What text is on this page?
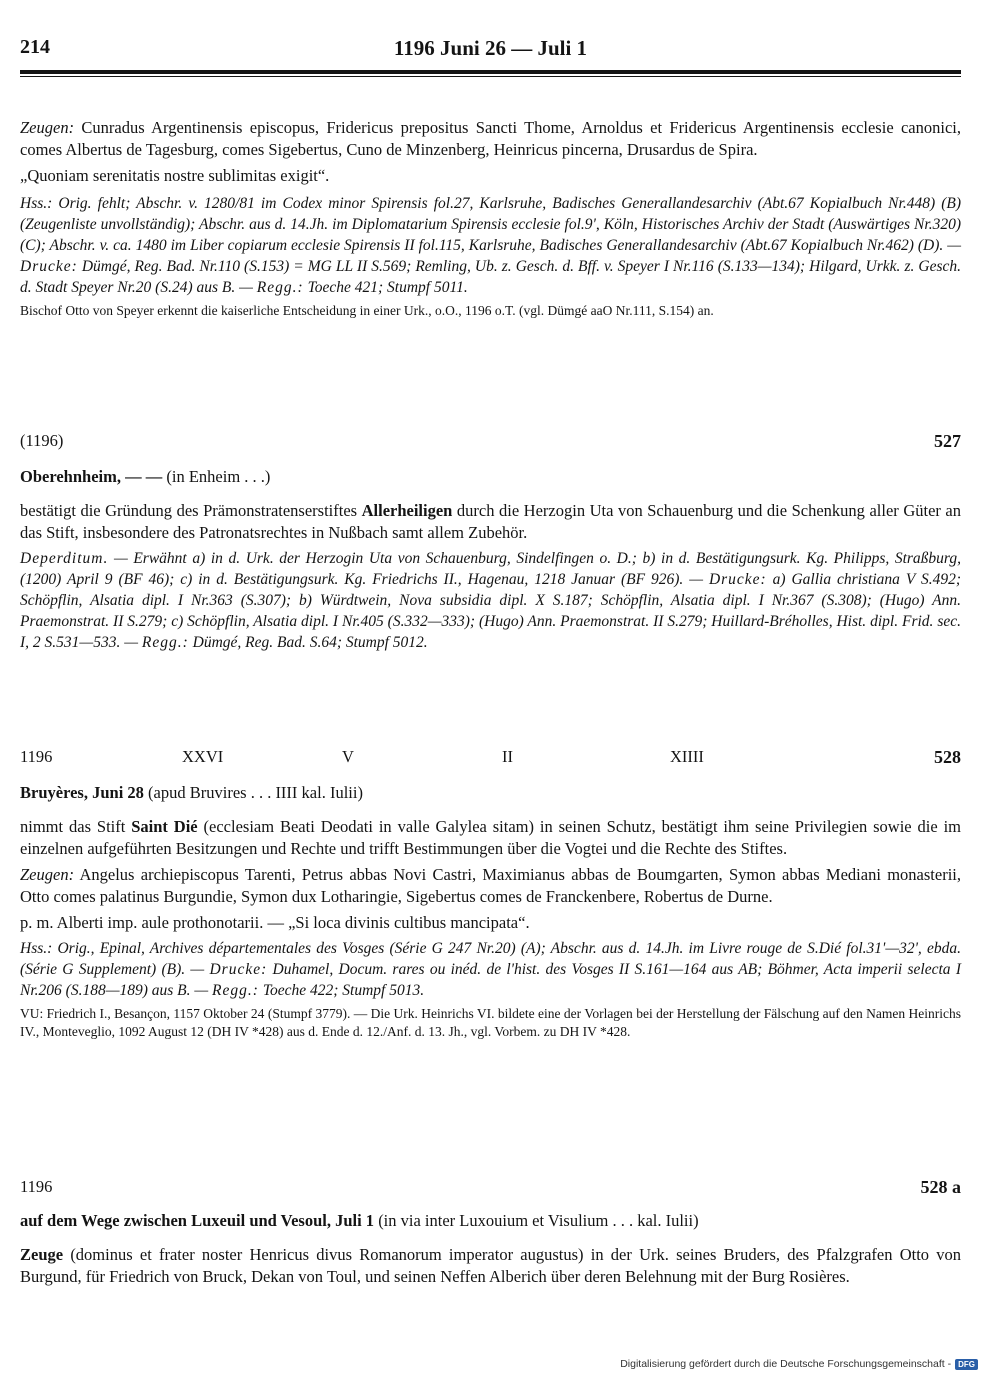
214	1196 Juni 26 — Juli 1

Zeugen: Cunradus Argentinensis episcopus, Fridericus prepositus Sancti Thome, Arnoldus et Fridericus Argentinensis ecclesie canonici, comes Albertus de Tagesburg, comes Sigebertus, Cuno de Minzenberg, Heinricus pincerna, Drusardus de Spira.

„Quoniam serenitatis nostre sublimitas exigit“.

Hss.: Orig. fehlt; Abschr. v. 1280/81 im Codex minor Spirensis fol.27, Karlsruhe, Badisches Generallandesarchiv (Abt.67 Kopialbuch Nr.448) (B) (Zeugenliste unvollständig); Abschr. aus d. 14.Jh. im Diplomatarium Spirensis ecclesie fol.9', Köln, Historisches Archiv der Stadt (Auswärtiges Nr.320) (C); Abschr. v. ca. 1480 im Liber copiarum ecclesie Spirensis II fol.115, Karlsruhe, Badisches Generallandesarchiv (Abt.67 Kopialbuch Nr.462) (D). — Drucke: Dümgé, Reg. Bad. Nr.110 (S.153) = MG LL II S.569; Remling, Ub. z. Gesch. d. Bff. v. Speyer I Nr.116 (S.133—134); Hilgard, Urkk. z. Gesch. d. Stadt Speyer Nr.20 (S.24) aus B. — Regg.: Toeche 421; Stumpf 5011.

Bischof Otto von Speyer erkennt die kaiserliche Entscheidung in einer Urk., o.O., 1196 o.T. (vgl. Dümgé aaO Nr.111, S.154) an.

(1196)	527
Oberehnheim, — — (in Enheim . . .)

bestätigt die Gründung des Prämonstratenserstiftes Allerheiligen durch die Herzogin Uta von Schauenburg und die Schenkung aller Güter an das Stift, insbesondere des Patronatsrechtes in Nußbach samt allem Zubehör.

Deperditum. — Erwähnt a) in d. Urk. der Herzogin Uta von Schauenburg, Sindelfingen o. D.; b) in d. Bestätigungsurk. Kg. Philipps, Straßburg, (1200) April 9 (BF 46); c) in d. Bestätigungsurk. Kg. Friedrichs II., Hagenau, 1218 Januar (BF 926). — Drucke: a) Gallia christiana V S.492; Schöpflin, Alsatia dipl. I Nr.363 (S.307); b) Würdtwein, Nova subsidia dipl. X S.187; Schöpflin, Alsatia dipl. I Nr.367 (S.308); (Hugo) Ann. Praemonstrat. II S.279; c) Schöpflin, Alsatia dipl. I Nr.405 (S.332—333); (Hugo) Ann. Praemonstrat. II S.279; Huillard-Bréholles, Hist. dipl. Frid. sec. I, 2 S.531—533. — Regg.: Dümgé, Reg. Bad. S.64; Stumpf 5012.

1196	XXVI	V	II	XIIII	528
Bruyères, Juni 28 (apud Bruvires . . . IIII kal. Iulii)

nimmt das Stift Saint Dié (ecclesiam Beati Deodati in valle Galylea sitam) in seinen Schutz, bestätigt ihm seine Privilegien sowie die im einzelnen aufgeführten Besitzungen und Rechte und trifft Bestimmungen über die Vogtei und die Rechte des Stiftes.

Zeugen: Angelus archiepiscopus Tarenti, Petrus abbas Novi Castri, Maximianus abbas de Boumgarten, Symon abbas Mediani monasterii, Otto comes palatinus Burgundie, Symon dux Lotharingie, Sigebertus comes de Franckenbere, Robertus de Durne.

p. m. Alberti imp. aule prothonotarii. — „Si loca divinis cultibus mancipata“.

Hss.: Orig., Epinal, Archives départementales des Vosges (Série G 247 Nr.20) (A); Abschr. aus d. 14.Jh. im Livre rouge de S.Dié fol.31'—32', ebda. (Série G Supplement) (B). — Drucke: Duhamel, Docum. rares ou inéd. de l'hist. des Vosges II S.161—164 aus AB; Böhmer, Acta imperii selecta I Nr.206 (S.188—189) aus B. — Regg.: Toeche 422; Stumpf 5013.

VU: Friedrich I., Besançon, 1157 Oktober 24 (Stumpf 3779). — Die Urk. Heinrichs VI. bildete eine der Vorlagen bei der Herstellung der Fälschung auf den Namen Heinrichs IV., Monteveglio, 1092 August 12 (DH IV *428) aus d. Ende d. 12./Anf. d. 13. Jh., vgl. Vorbem. zu DH IV *428.

1196	528 a
auf dem Wege zwischen Luxeuil und Vesoul, Juli 1 (in via inter Luxouium et Visulium . . . kal. Iulii)

Zeuge (dominus et frater noster Henricus divus Romanorum imperator augustus) in der Urk. seines Bruders, des Pfalzgrafen Otto von Burgund, für Friedrich von Bruck, Dekan von Toul, und seinen Neffen Alberich über deren Belehnung mit der Burg Rosières.

Digitalisierung gefördert durch die Deutsche Forschungsgemeinschaft - DFG
